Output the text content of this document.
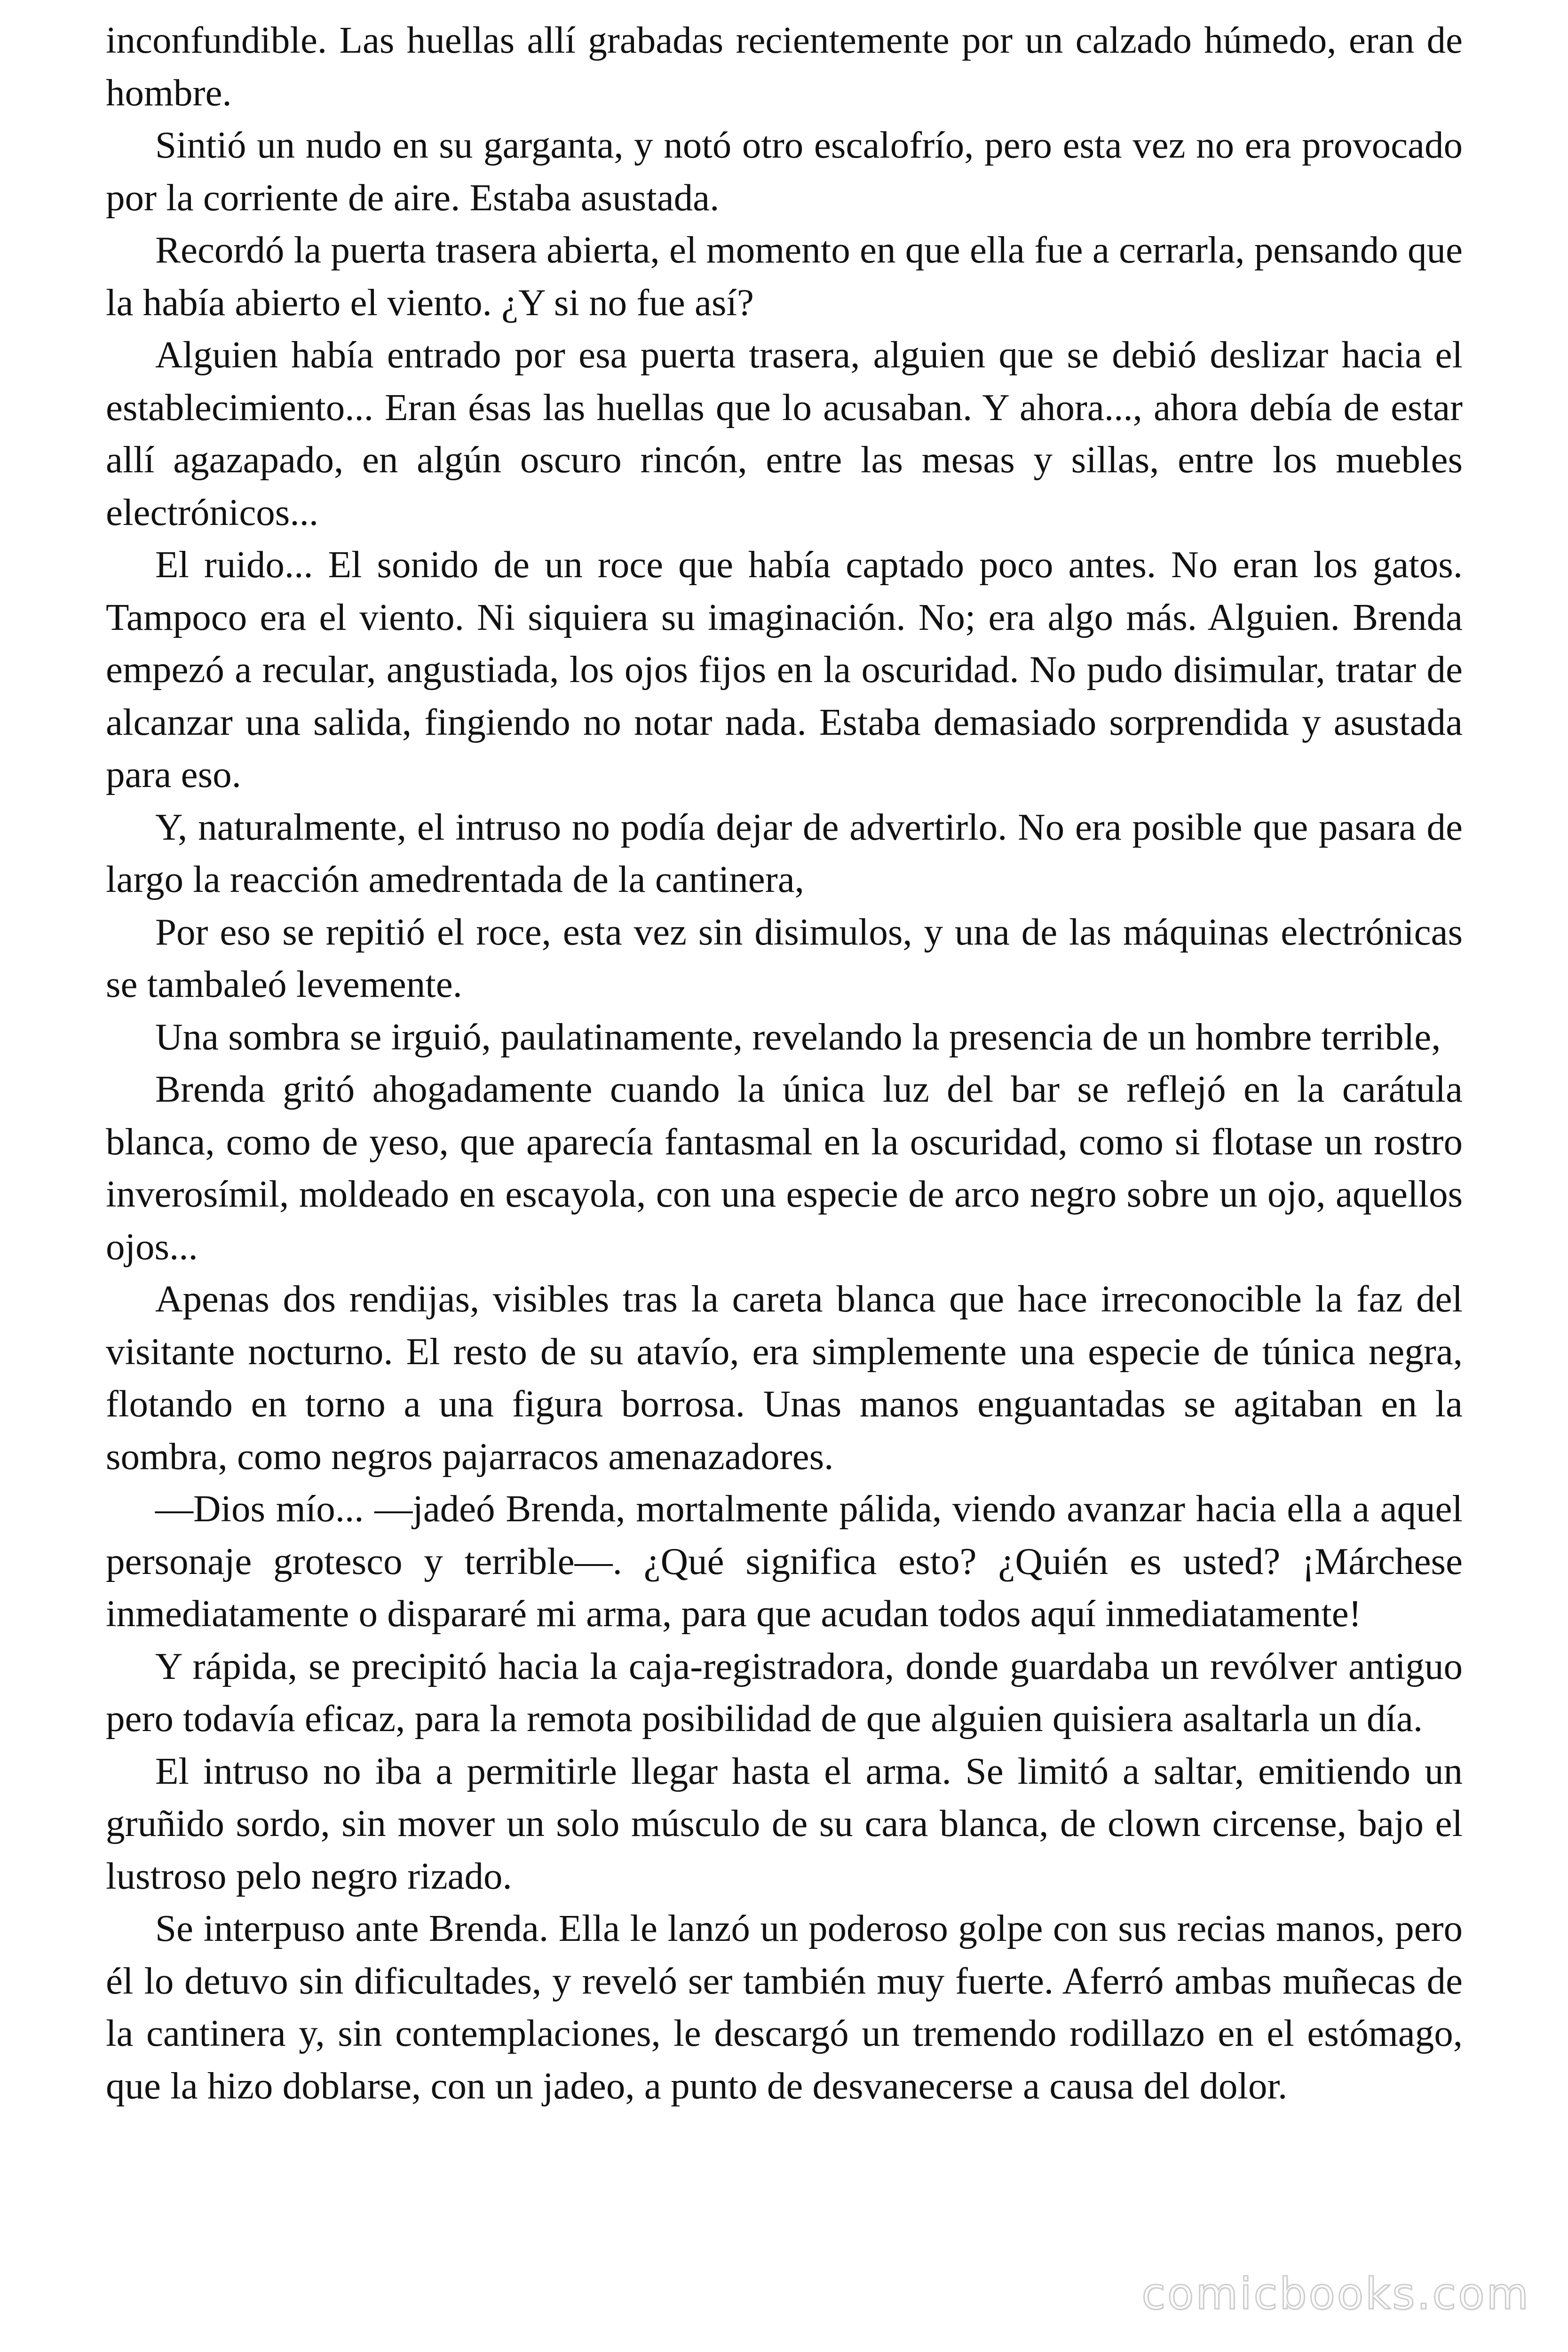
inconfundible. Las huellas allí grabadas recientemente por un calzado húmedo, eran de hombre.

Sintió un nudo en su garganta, y notó otro escalofrío, pero esta vez no era provocado por la corriente de aire. Estaba asustada.

Recordó la puerta trasera abierta, el momento en que ella fue a cerrarla, pensando que la había abierto el viento. ¿Y si no fue así?

Alguien había entrado por esa puerta trasera, alguien que se debió deslizar hacia el establecimiento... Eran ésas las huellas que lo acusaban. Y ahora..., ahora debía de estar allí agazapado, en algún oscuro rincón, entre las mesas y sillas, entre los muebles electrónicos...

El ruido... El sonido de un roce que había captado poco antes. No eran los gatos. Tampoco era el viento. Ni siquiera su imaginación. No; era algo más. Alguien. Brenda empezó a recular, angustiada, los ojos fijos en la oscuridad. No pudo disimular, tratar de alcanzar una salida, fingiendo no notar nada. Estaba demasiado sorprendida y asustada para eso.

Y, naturalmente, el intruso no podía dejar de advertirlo. No era posible que pasara de largo la reacción amedrentada de la cantinera,

Por eso se repitió el roce, esta vez sin disimulos, y una de las máquinas electrónicas se tambaleó levemente.

Una sombra se irguió, paulatinamente, revelando la presencia de un hombre terrible,

Brenda gritó ahogadamente cuando la única luz del bar se reflejó en la carátula blanca, como de yeso, que aparecía fantasmal en la oscuridad, como si flotase un rostro inverosímil, moldeado en escayola, con una especie de arco negro sobre un ojo, aquellos ojos...

Apenas dos rendijas, visibles tras la careta blanca que hace irreconocible la faz del visitante nocturno. El resto de su atavío, era simplemente una especie de túnica negra, flotando en torno a una figura borrosa. Unas manos enguantadas se agitaban en la sombra, como negros pajarracos amenazadores.

—Dios mío... —jadeó Brenda, mortalmente pálida, viendo avanzar hacia ella a aquel personaje grotesco y terrible—. ¿Qué significa esto? ¿Quién es usted? ¡Márchese inmediatamente o dispararé mi arma, para que acudan todos aquí inmediatamente!

Y rápida, se precipitó hacia la caja-registradora, donde guardaba un revólver antiguo pero todavía eficaz, para la remota posibilidad de que alguien quisiera asaltarla un día.

El intruso no iba a permitirle llegar hasta el arma. Se limitó a saltar, emitiendo un gruñido sordo, sin mover un solo músculo de su cara blanca, de clown circense, bajo el lustroso pelo negro rizado.

Se interpuso ante Brenda. Ella le lanzó un poderoso golpe con sus recias manos, pero él lo detuvo sin dificultades, y reveló ser también muy fuerte. Aferró ambas muñecas de la cantinera y, sin contemplaciones, le descargó un tremendo rodillazo en el estómago, que la hizo doblarse, con un jadeo, a punto de desvanecerse a causa del dolor.

comicbooks.com
